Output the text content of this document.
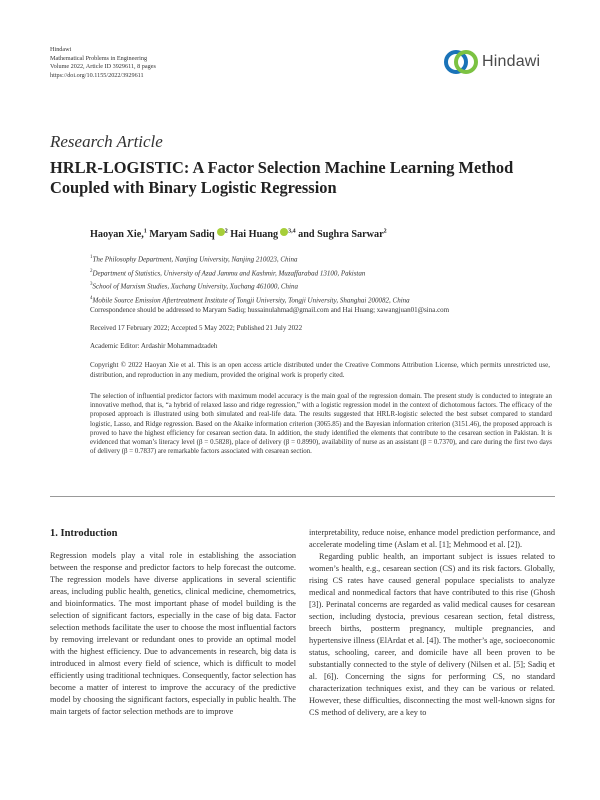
Hindawi
Mathematical Problems in Engineering
Volume 2022, Article ID 3929611, 8 pages
https://doi.org/10.1155/2022/3929611
Hindawi
Research Article
HRLR-LOGISTIC: A Factor Selection Machine Learning Method
Coupled with Binary Logistic Regression
Haoyan Xie,$^1$ Maryam Sadiq $^2$ Hai Huang $^{3,4}$ and Sughra Sarwar$^2$
$^1$The Philosophy Department, Nanjing University, Nanjing 210023, China
$^2$Department of Statistics, University of Azad Jammu and Kashmir, Muzaffarabad 13100, Pakistan
$^3$School of Marxism Studies, Xuchang University, Xuchang 461000, China
$^4$Mobile Source Emission Aftertreatment Institute of Tongji University, Tongji University, Shanghai 200082, China
Correspondence should be addressed to Maryam Sadiq; hussainulahmad@gmail.com and Hai Huang; xawangjuan01@sina.com
Received 17 February 2022; Accepted 5 May 2022; Published 21 July 2022
Academic Editor: Ardashir Mohammadzadeh
Copyright © 2022 Haoyan Xie et al. This is an open access article distributed under the Creative Commons Attribution License, which permits unrestricted use, distribution, and reproduction in any medium, provided the original work is properly cited.
The selection of influential predictor factors with maximum model accuracy is the main goal of the regression domain. The present study is conducted to integrate an innovative method, that is, “a hybrid of relaxed lasso and ridge regression,” with a logistic regression model in the context of dichotomous factors. The efficacy of the proposed approach is illustrated using both simulated and real-life data. The results suggested that HRLR-logistic selected the best subset compared to standard logistic, Lasso, and Ridge regression. Based on the Akaike information criterion (3065.85) and the Bayesian information criterion (3151.46), the proposed approach is proved to have the highest efficiency for cesarean section data. In addition, the study identified the elements that contribute to the cesarean section in Pakistan. It is evidenced that woman’s literacy level (β = 0.5828), place of delivery (β = 0.8990), availability of nurse as an assistant (β = 0.7370), and care during the first two days of delivery (β = 0.7837) are remarkable factors associated with cesarean section.
1. Introduction

Regression models play a vital role in establishing the association between the response and predictor factors to help forecast the outcome. The regression models have diverse applications in several scientific areas, including public health, genetics, clinical medicine, chemometrics, and bioinformatics. The most important phase of model building is the selection of significant factors, especially in the case of big data. Factor selection methods facilitate the user to choose the most influential factors by removing irrelevant or redundant ones to provide an optimal model with the highest efficiency. Due to advancements in research, big data is introduced in almost every field of science, which is difficult to model efficiently using traditional techniques. Consequently, factor selection has become a matter of interest to improve the accuracy of the predictive model by choosing the significant factors, especially in public health. The main targets of factor selection methods are to improve

interpretability, reduce noise, enhance model prediction performance, and accelerate modeling time (Aslam et al. [1]; Mehmood et al. [2]).

Regarding public health, an important subject is issues related to women’s health, e.g., cesarean section (CS) and its risk factors. Globally, rising CS rates have caused general populace specialists to analyze medical and nonmedical factors that have contributed to this rise (Ghosh [3]). Perinatal concerns are regarded as valid medical causes for cesarean section, including dystocia, previous cesarean section, fetal distress, breech births, postterm pregnancy, multiple pregnancies, and hypertensive illness (ElArdat et al. [4]). The mother’s age, socioeconomic status, schooling, career, and domicile have all been proven to be substantially connected to the style of delivery (Nilsen et al. [5]; Sadiq et al. [6]). Concerning the signs for performing CS, no standard characterization techniques exist, and they can be various or related. However, these difficulties, disconnecting the most well-known signs for CS method of delivery, are a key to
